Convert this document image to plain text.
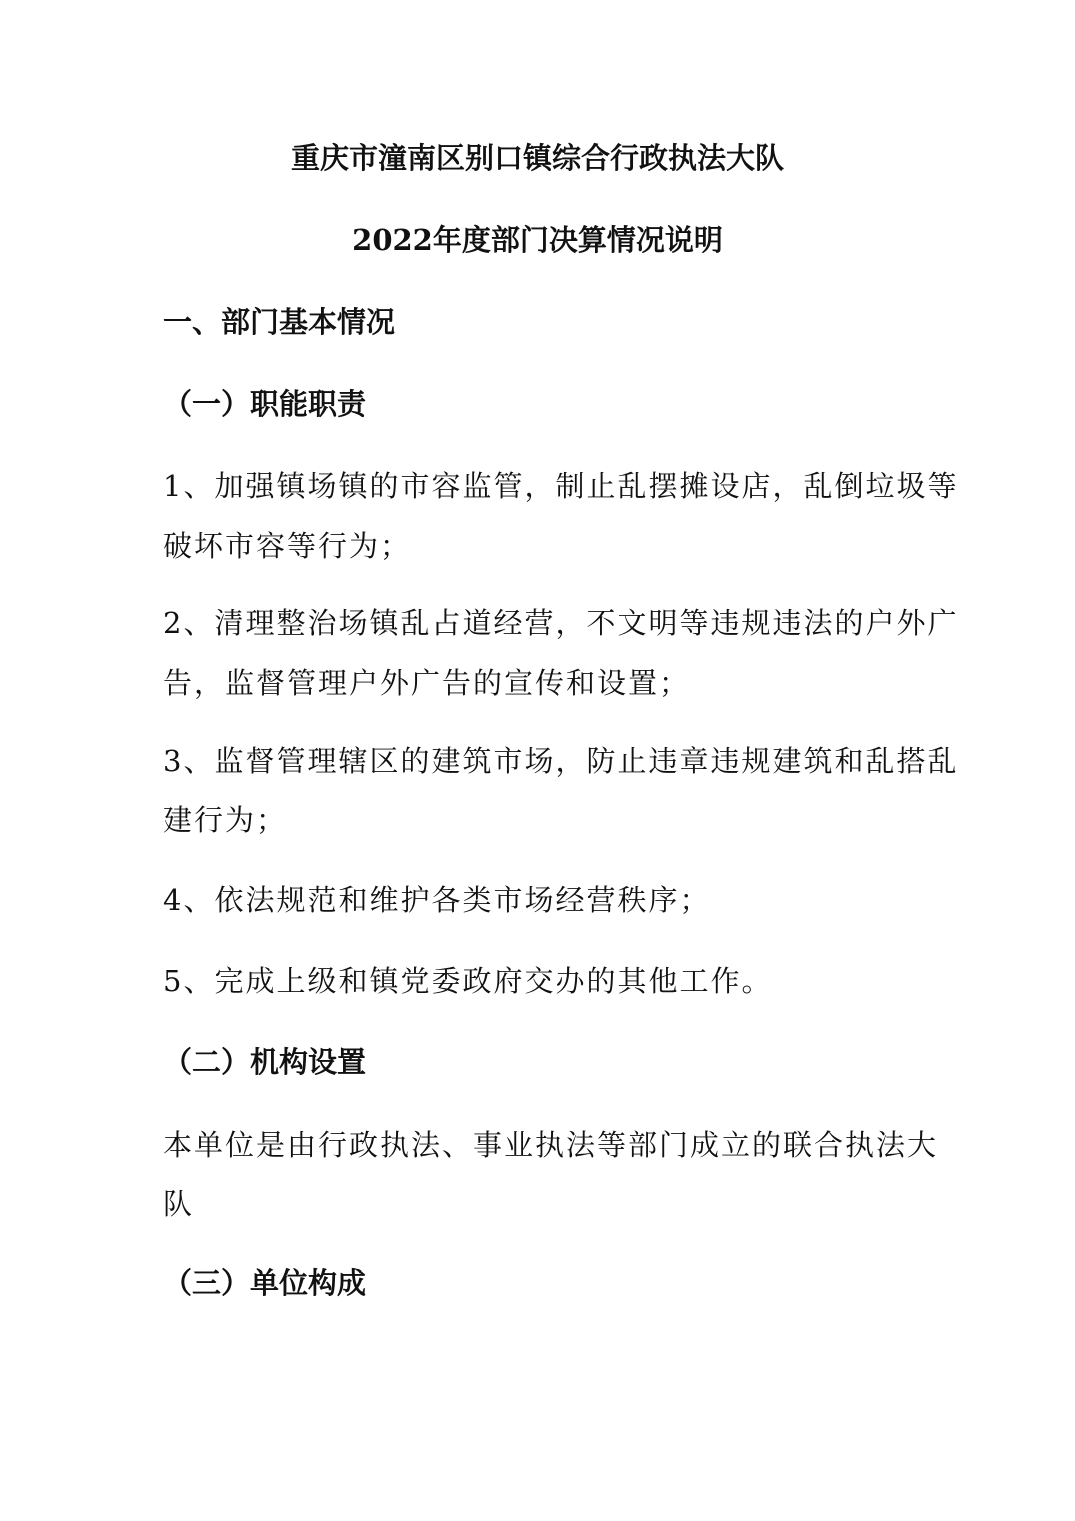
重庆市潼南区别口镇综合行政执法大队

2022年度部门决算情况说明

一、部门基本情况

（一）职能职责

1、加强镇场镇的市容监管，制止乱摆摊设店，乱倒垃圾等

破坏市容等行为；

2、清理整治场镇乱占道经营，不文明等违规违法的户外广

告，监督管理户外广告的宣传和设置；

3、监督管理辖区的建筑市场，防止违章违规建筑和乱搭乱

建行为；

4、依法规范和维护各类市场经营秩序；

5、完成上级和镇党委政府交办的其他工作。

（二）机构设置

本单位是由行政执法、事业执法等部门成立的联合执法大

队

（三）单位构成
